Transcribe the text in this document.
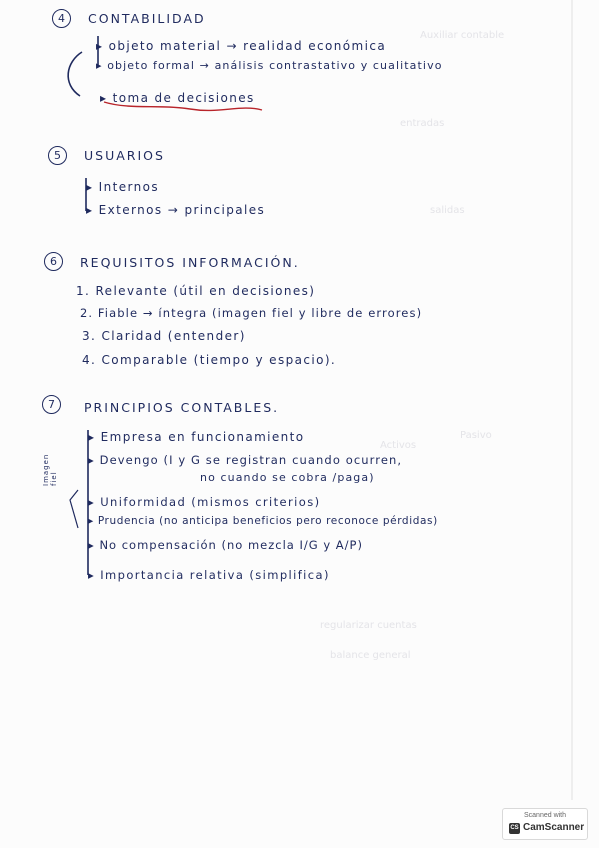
Auxiliar contable
entradas
salidas
Activos
Pasivo
regularizar cuentas
balance general
4	CONTABILIDAD
▸ objeto material → realidad económica
▸ objeto formal → análisis contrastativo y cualitativo
▸ toma de decisiones
5	USUARIOS
▸ Internos
▸ Externos → principales
6	REQUISITOS INFORMACIÓN.
1. Relevante (útil en decisiones)
2. Fiable → íntegra (imagen fiel y libre de errores)
3. Claridad (entender)
4. Comparable (tiempo y espacio).
7	PRINCIPIOS CONTABLES.
▸ Empresa en funcionamiento
▸ Devengo (I y G se registran cuando ocurren,
no cuando se cobra /paga)
▸ Uniformidad (mismos criterios)
▸ Prudencia (no anticipa beneficios pero reconoce pérdidas)
▸ No compensación (no mezcla I/G y A/P)
▸ Importancia relativa (simplifica)
Imagen fiel
Scanned with
CS CamScanner
